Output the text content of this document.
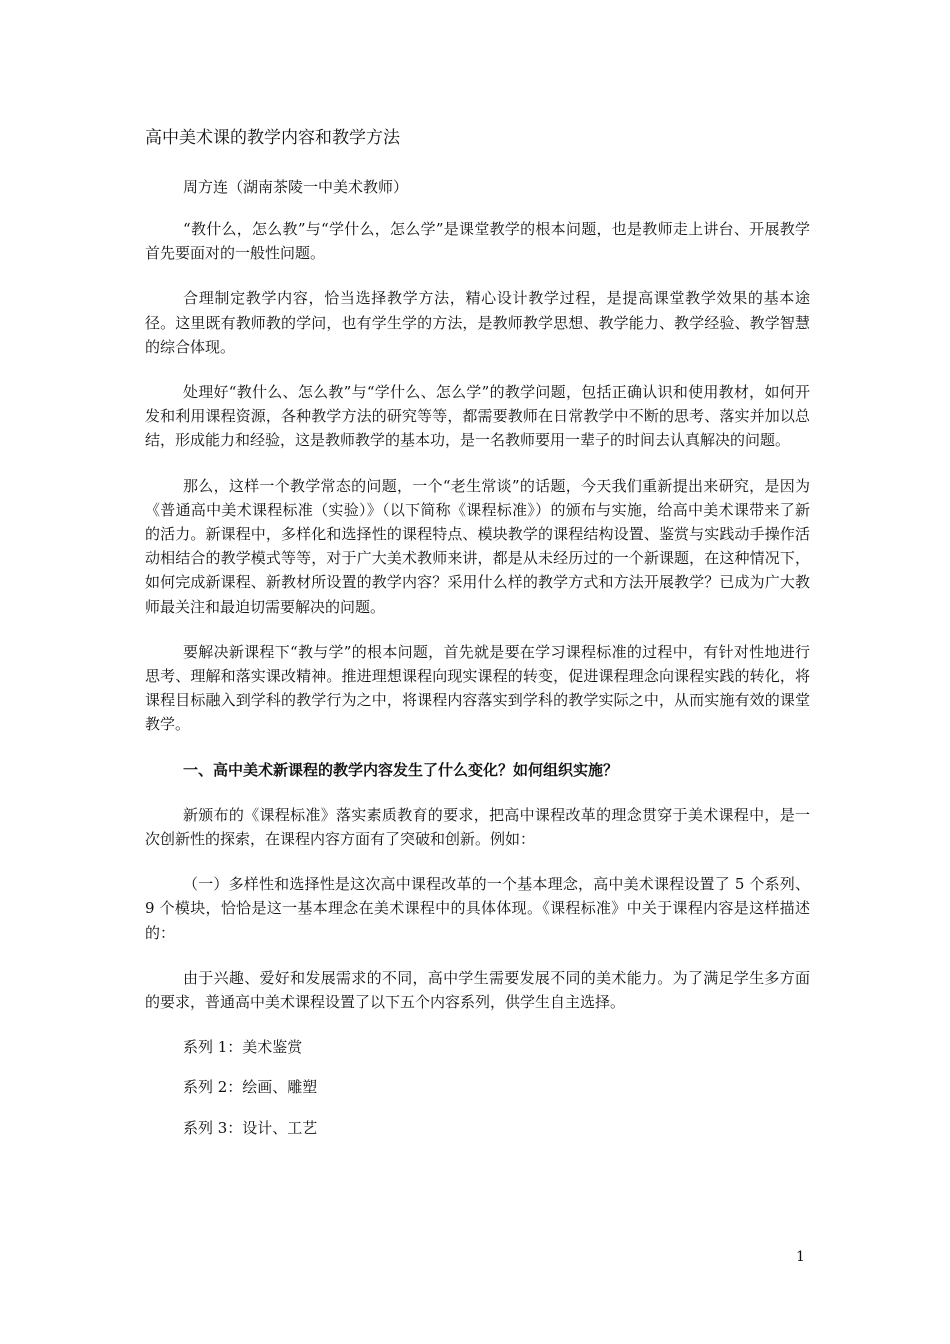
高中美术课的教学内容和教学方法

周方连（湖南茶陵一中美术教师）

“教什么，怎么教”与“学什么，怎么学”是课堂教学的根本问题，也是教师走上讲台、开展教学首先要面对的一般性问题。

合理制定教学内容，恰当选择教学方法，精心设计教学过程，是提高课堂教学效果的基本途径。这里既有教师教的学问，也有学生学的方法，是教师教学思想、教学能力、教学经验、教学智慧的综合体现。

处理好“教什么、怎么教”与“学什么、怎么学”的教学问题，包括正确认识和使用教材，如何开发和利用课程资源，各种教学方法的研究等等，都需要教师在日常教学中不断的思考、落实并加以总结，形成能力和经验，这是教师教学的基本功，是一名教师要用一辈子的时间去认真解决的问题。

那么，这样一个教学常态的问题，一个“老生常谈”的话题，今天我们重新提出来研究，是因为《普通高中美术课程标准（实验）》（以下简称《课程标准》）的颁布与实施，给高中美术课带来了新的活力。新课程中，多样化和选择性的课程特点、模块教学的课程结构设置、鉴赏与实践动手操作活动相结合的教学模式等等，对于广大美术教师来讲，都是从未经历过的一个新课题，在这种情况下，如何完成新课程、新教材所设置的教学内容？采用什么样的教学方式和方法开展教学？已成为广大教师最关注和最迫切需要解决的问题。

要解决新课程下“教与学”的根本问题，首先就是要在学习课程标准的过程中，有针对性地进行思考、理解和落实课改精神。推进理想课程向现实课程的转变，促进课程理念向课程实践的转化，将课程目标融入到学科的教学行为之中，将课程内容落实到学科的教学实际之中，从而实施有效的课堂教学。

一、高中美术新课程的教学内容发生了什么变化？如何组织实施？

新颁布的《课程标准》落实素质教育的要求，把高中课程改革的理念贯穿于美术课程中，是一次创新性的探索，在课程内容方面有了突破和创新。例如：

（一）多样性和选择性是这次高中课程改革的一个基本理念，高中美术课程设置了 5 个系列、9 个模块，恰恰是这一基本理念在美术课程中的具体体现。《课程标准》中关于课程内容是这样描述的：

由于兴趣、爱好和发展需求的不同，高中学生需要发展不同的美术能力。为了满足学生多方面的要求，普通高中美术课程设置了以下五个内容系列，供学生自主选择。

系列 1：美术鉴赏

系列 2：绘画、雕塑

系列 3：设计、工艺

1
